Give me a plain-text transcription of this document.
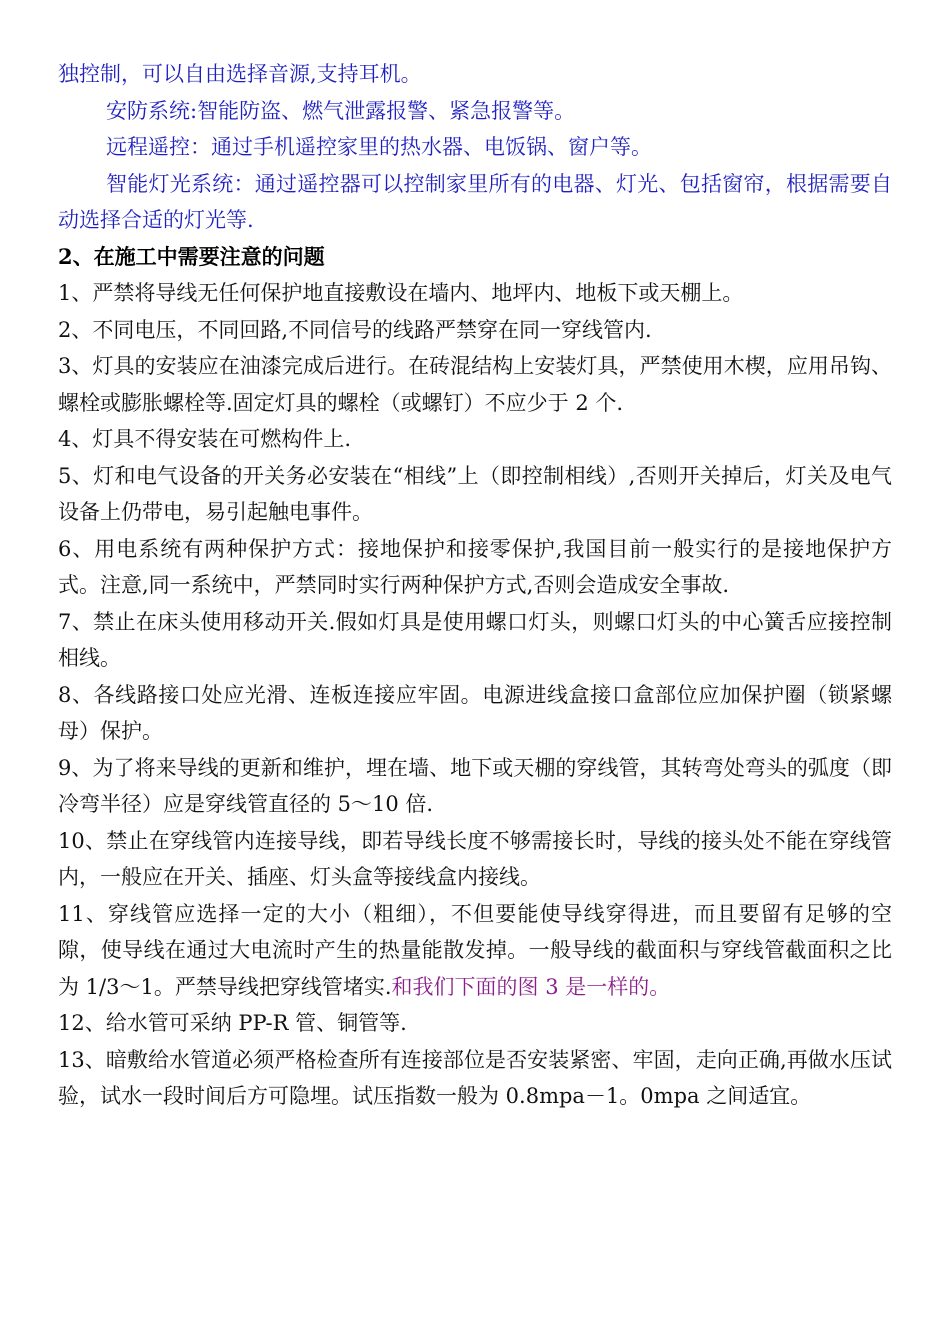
独控制，可以自由选择音源,支持耳机。

安防系统:智能防盗、燃气泄露报警、紧急报警等。

远程遥控：通过手机遥控家里的热水器、电饭锅、窗户等。

智能灯光系统：通过遥控器可以控制家里所有的电器、灯光、包括窗帘，根据需要自动选择合适的灯光等.

2、在施工中需要注意的问题

1、严禁将导线无任何保护地直接敷设在墙内、地坪内、地板下或天棚上。

2、不同电压，不同回路,不同信号的线路严禁穿在同一穿线管内.

3、灯具的安装应在油漆完成后进行。在砖混结构上安装灯具，严禁使用木楔，应用吊钩、螺栓或膨胀螺栓等.固定灯具的螺栓（或螺钉）不应少于 2 个.

4、灯具不得安装在可燃构件上.

5、灯和电气设备的开关务必安装在“相线”上（即控制相线）,否则开关掉后，灯关及电气设备上仍带电，易引起触电事件。

6、用电系统有两种保护方式：接地保护和接零保护,我国目前一般实行的是接地保护方式。注意,同一系统中，严禁同时实行两种保护方式,否则会造成安全事故.

7、禁止在床头使用移动开关.假如灯具是使用螺口灯头，则螺口灯头的中心簧舌应接控制相线。

8、各线路接口处应光滑、连板连接应牢固。电源进线盒接口盒部位应加保护圈（锁紧螺母）保护。

9、为了将来导线的更新和维护，埋在墙、地下或天棚的穿线管，其转弯处弯头的弧度（即冷弯半径）应是穿线管直径的 5～10 倍.

10、禁止在穿线管内连接导线，即若导线长度不够需接长时，导线的接头处不能在穿线管内，一般应在开关、插座、灯头盒等接线盒内接线。

11、穿线管应选择一定的大小（粗细），不但要能使导线穿得进，而且要留有足够的空隙，使导线在通过大电流时产生的热量能散发掉。一般导线的截面积与穿线管截面积之比为 1/3～1。严禁导线把穿线管堵实.和我们下面的图 3 是一样的。

12、给水管可采纳 PP-R 管、铜管等.

13、暗敷给水管道必须严格检查所有连接部位是否安装紧密、牢固，走向正确,再做水压试验，试水一段时间后方可隐埋。试压指数一般为 0.8mpa－1。0mpa 之间适宜。
